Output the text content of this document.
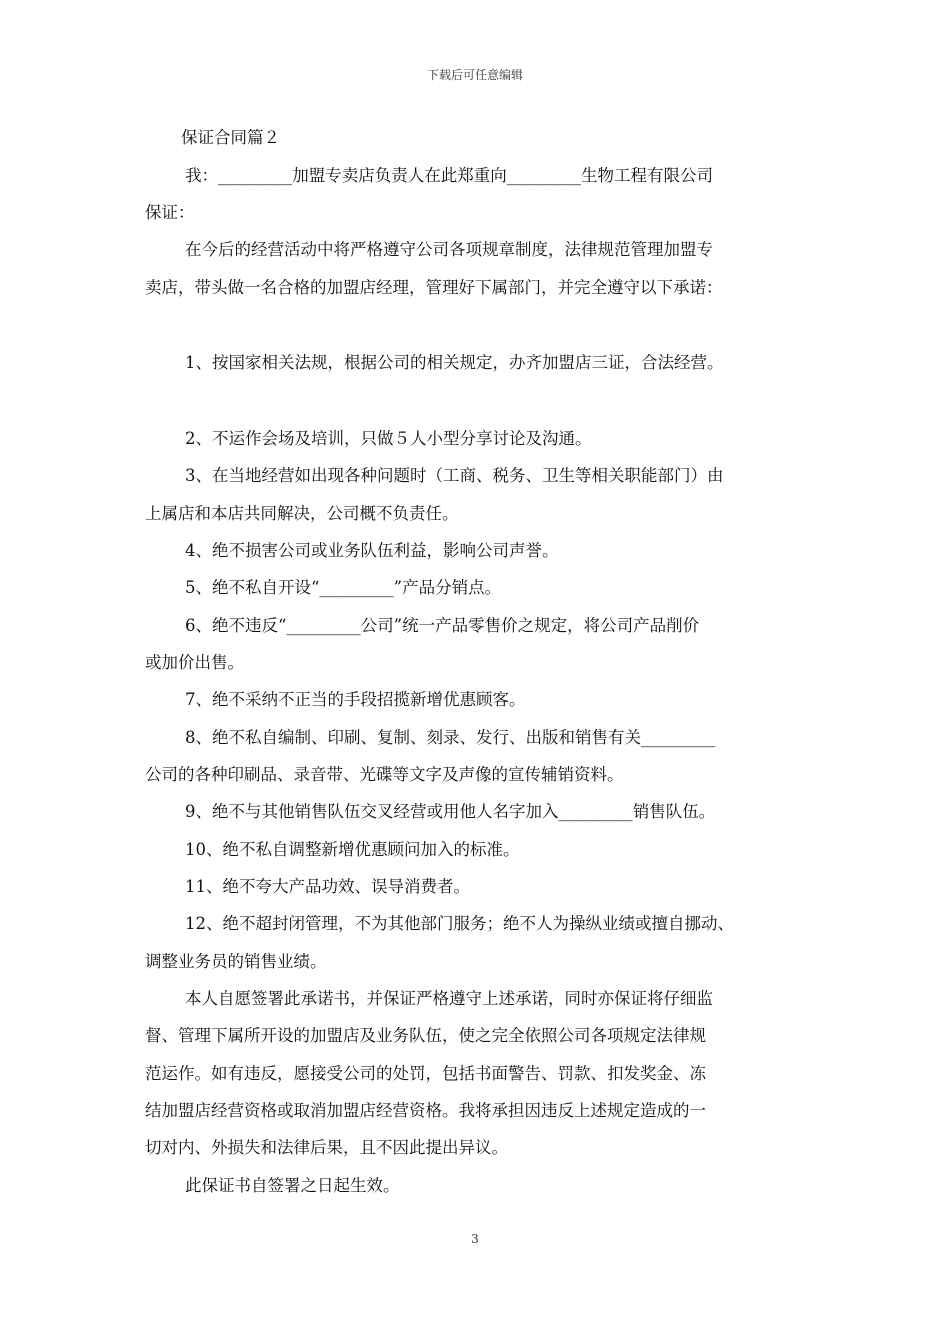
下载后可任意编辑
保证合同篇２
我：_________加盟专卖店负责人在此郑重向_________生物工程有限公司
保证：
在今后的经营活动中将严格遵守公司各项规章制度，法律规范管理加盟专
卖店，带头做一名合格的加盟店经理，管理好下属部门，并完全遵守以下承诺：
1、按国家相关法规，根据公司的相关规定，办齐加盟店三证，合法经营。
2、不运作会场及培训，只做５人小型分享讨论及沟通。
3、在当地经营如出现各种问题时（工商、税务、卫生等相关职能部门）由
上属店和本店共同解决，公司概不负责任。
4、绝不损害公司或业务队伍利益，影响公司声誉。
5、绝不私自开设“_________”产品分销点。
6、绝不违反“_________公司”统一产品零售价之规定，将公司产品削价
或加价出售。
7、绝不采纳不正当的手段招揽新增优惠顾客。
8、绝不私自编制、印刷、复制、刻录、发行、出版和销售有关_________
公司的各种印刷品、录音带、光碟等文字及声像的宣传辅销资料。
9、绝不与其他销售队伍交叉经营或用他人名字加入_________销售队伍。
10、绝不私自调整新增优惠顾问加入的标准。
11、绝不夸大产品功效、误导消费者。
12、绝不超封闭管理，不为其他部门服务；绝不人为操纵业绩或擅自挪动、
调整业务员的销售业绩。
本人自愿签署此承诺书，并保证严格遵守上述承诺，同时亦保证将仔细监
督、管理下属所开设的加盟店及业务队伍，使之完全依照公司各项规定法律规
范运作。如有违反，愿接受公司的处罚，包括书面警告、罚款、扣发奖金、冻
结加盟店经营资格或取消加盟店经营资格。我将承担因违反上述规定造成的一
切对内、外损失和法律后果，且不因此提出异议。
此保证书自签署之日起生效。
3
